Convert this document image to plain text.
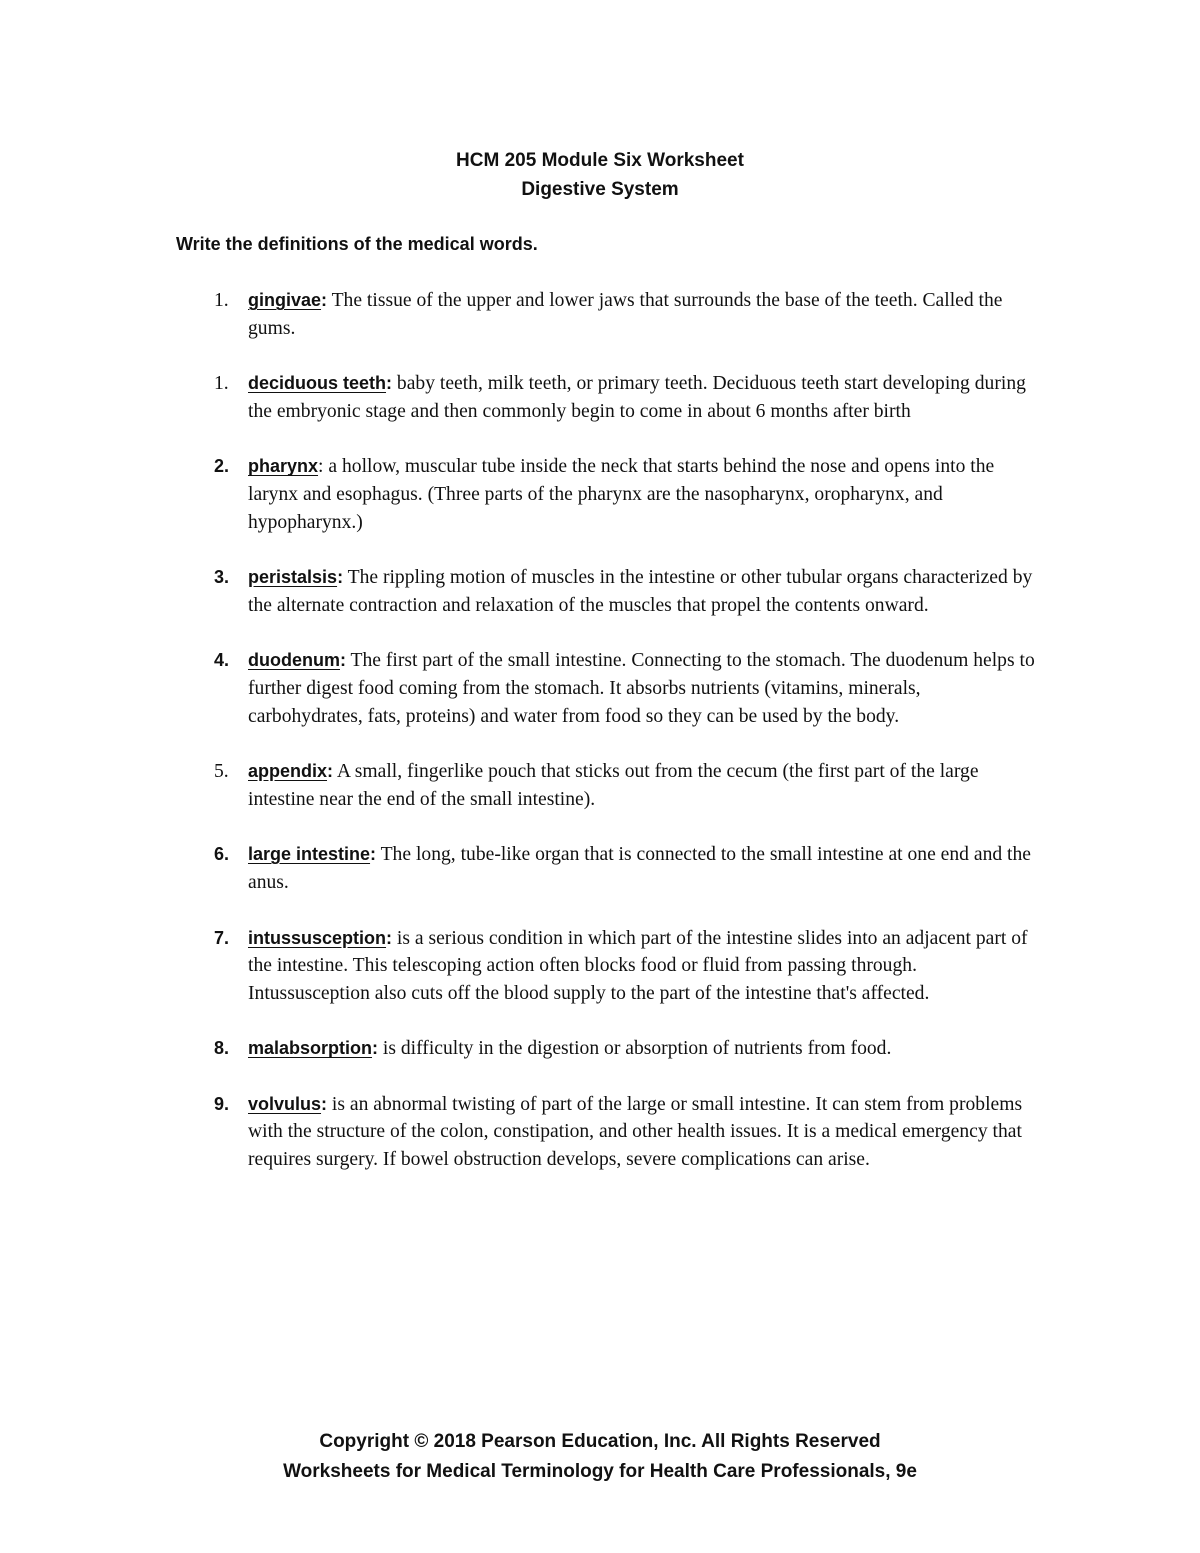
HCM 205 Module Six Worksheet
Digestive System
Write the definitions of the medical words.
1. gingivae: The tissue of the upper and lower jaws that surrounds the base of the teeth. Called the gums.
1. deciduous teeth: baby teeth, milk teeth, or primary teeth. Deciduous teeth start developing during the embryonic stage and then commonly begin to come in about 6 months after birth
2. pharynx: a hollow, muscular tube inside the neck that starts behind the nose and opens into the larynx and esophagus. (Three parts of the pharynx are the nasopharynx, oropharynx, and hypopharynx.)
3. peristalsis: The rippling motion of muscles in the intestine or other tubular organs characterized by the alternate contraction and relaxation of the muscles that propel the contents onward.
4. duodenum: The first part of the small intestine. Connecting to the stomach. The duodenum helps to further digest food coming from the stomach. It absorbs nutrients (vitamins, minerals, carbohydrates, fats, proteins) and water from food so they can be used by the body.
5. appendix: A small, fingerlike pouch that sticks out from the cecum (the first part of the large intestine near the end of the small intestine).
6. large intestine: The long, tube-like organ that is connected to the small intestine at one end and the anus.
7. intussusception: is a serious condition in which part of the intestine slides into an adjacent part of the intestine. This telescoping action often blocks food or fluid from passing through. Intussusception also cuts off the blood supply to the part of the intestine that's affected.
8. malabsorption: is difficulty in the digestion or absorption of nutrients from food.
9. volvulus: is an abnormal twisting of part of the large or small intestine. It can stem from problems with the structure of the colon, constipation, and other health issues. It is a medical emergency that requires surgery. If bowel obstruction develops, severe complications can arise.
Copyright © 2018 Pearson Education, Inc. All Rights Reserved
Worksheets for Medical Terminology for Health Care Professionals, 9e
